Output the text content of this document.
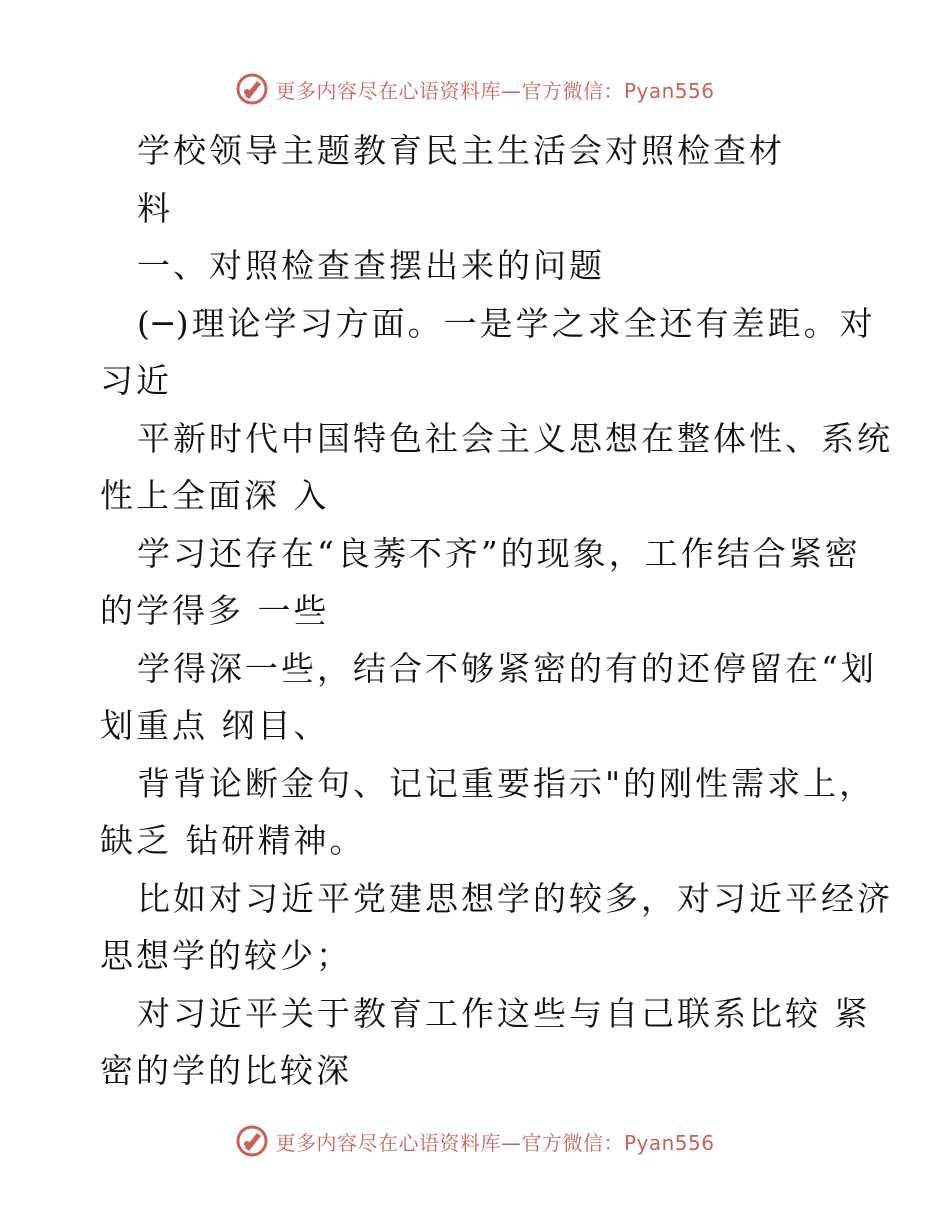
更多内容尽在心语资料库—官方微信：Pyan556

学校领导主题教育民主生活会对照检查材

料

一、对照检查查摆出来的问题

(─)理论学习方面。一是学之求全还有差距。对

习近

平新时代中国特色社会主义思想在整体性、系统

性上全面深 入

学习还存在“良莠不齐”的现象，工作结合紧密

的学得多 一些

学得深一些，结合不够紧密的有的还停留在“划

划重点 纲目、

背背论断金句、记记重要指示"的刚性需求上，

缺乏 钻研精神。

比如对习近平党建思想学的较多，对习近平经济

思想学的较少；

对习近平关于教育工作这些与自己联系比较 紧

密的学的比较深

更多内容尽在心语资料库—官方微信：Pyan556
